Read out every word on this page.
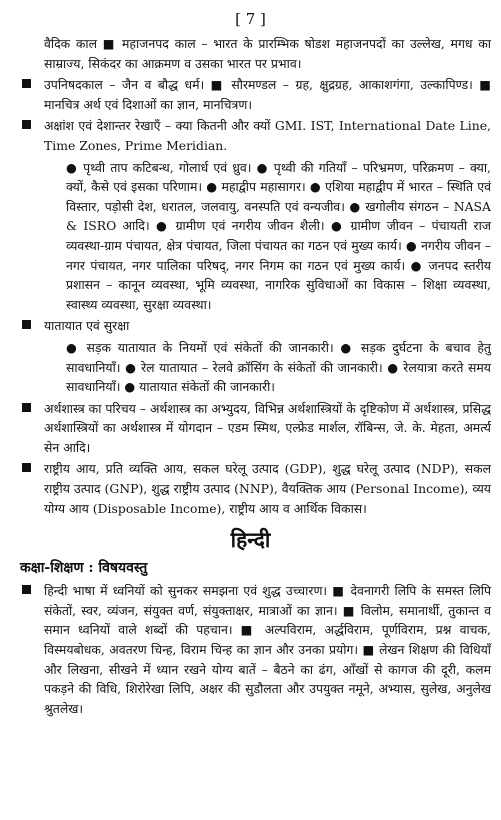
[ 7 ]
वैदिक काल ■ महाजनपद काल – भारत के प्रारम्भिक षोडश महाजनपदों का उल्लेख, मगध का साम्राज्य, सिकंदर का आक्रमण व उसका भारत पर प्रभाव।
उपनिषदकाल – जैन व बौद्ध धर्म। ■ सौरमण्डल – ग्रह, क्षुद्रग्रह, आकाशगंगा, उल्कापिण्ड। ■ मानचित्र अर्थ एवं दिशाओं का ज्ञान, मानचित्रण।
अक्षांश एवं देशान्तर रेखाएँ – क्या कितनी और क्यों GMI. IST, International Date Line, Time Zones, Prime Meridian.
● पृथ्वी ताप कटिबन्ध, गोलार्ध एवं ध्रुव। ● पृथ्वी की गतियाँ – परिभ्रमण, परिक्रमण – क्या, क्यों, कैसे एवं इसका परिणाम। ● महाद्वीप महासागर। ● एशिया महाद्वीप में भारत – स्थिति एवं विस्तार, पड़ोसी देश, धरातल, जलवायु, वनस्पति एवं वन्यजीव। ● खगोलीय संगठन – NASA & ISRO आदि। ● ग्रामीण एवं नगरीय जीवन शैली। ● ग्रामीण जीवन – पंचायती राज व्यवस्था-ग्राम पंचायत, क्षेत्र पंचायत, जिला पंचायत का गठन एवं मुख्य कार्य। ● नगरीय जीवन – नगर पंचायत, नगर पालिका परिषद्, नगर निगम का गठन एवं मुख्य कार्य। ● जनपद स्तरीय प्रशासन – कानून व्यवस्था, भूमि व्यवस्था, नागरिक सुविधाओं का विकास – शिक्षा व्यवस्था, स्वास्थ्य व्यवस्था, सुरक्षा व्यवस्था।
यातायात एवं सुरक्षा
● सड़क यातायात के नियमों एवं संकेतों की जानकारी। ● सड़क दुर्घटना के बचाव हेतु सावधानियाँ। ● रेल यातायात – रेलवे क्रॉसिंग के संकेतों की जानकारी। ● रेलयात्रा करते समय सावधानियाँ। ● यातायात संकेतों की जानकारी।
अर्थशास्त्र का परिचय – अर्थशास्त्र का अभ्युदय, विभिन्न अर्थशास्त्रियों के दृष्टिकोण में अर्थशास्त्र, प्रसिद्ध अर्थशास्त्रियों का अर्थशास्त्र में योगदान – एडम स्मिथ, एल्फ्रेड मार्शल, रॉबिन्स, जे. के. मेहता, अमर्त्य सेन आदि।
राष्ट्रीय आय, प्रति व्यक्ति आय, सकल घरेलू उत्पाद (GDP), शुद्ध घरेलू उत्पाद (NDP), सकल राष्ट्रीय उत्पाद (GNP), शुद्ध राष्ट्रीय उत्पाद (NNP), वैयक्तिक आय (Personal Income), व्यय योग्य आय (Disposable Income), राष्ट्रीय आय व आर्थिक विकास।
हिन्दी
कक्षा-शिक्षण : विषयवस्तु
हिन्दी भाषा में ध्वनियों को सुनकर समझना एवं शुद्ध उच्चारण। ■ देवनागरी लिपि के समस्त लिपि संकेतों, स्वर, व्यंजन, संयुक्त वर्ण, संयुक्ताक्षर, मात्राओं का ज्ञान। ■ विलोम, समानार्थी, तुकान्त व समान ध्वनियों वाले शब्दों की पहचान। ■ अल्पविराम, अर्द्धविराम, पूर्णविराम, प्रश्न वाचक, विस्मयबोधक, अवतरण चिन्ह, विराम चिन्ह का ज्ञान और उनका प्रयोग। ■ लेखन शिक्षण की विधियाँ और लिखना, सीखने में ध्यान रखने योग्य बातें – बैठने का ढंग, आँखों से कागज की दूरी, कलम पकड़ने की विधि, शिरोरेखा लिपि, अक्षर की सुडौलता और उपयुक्त नमूने, अभ्यास, सुलेख, अनुलेख श्रुतलेख।
